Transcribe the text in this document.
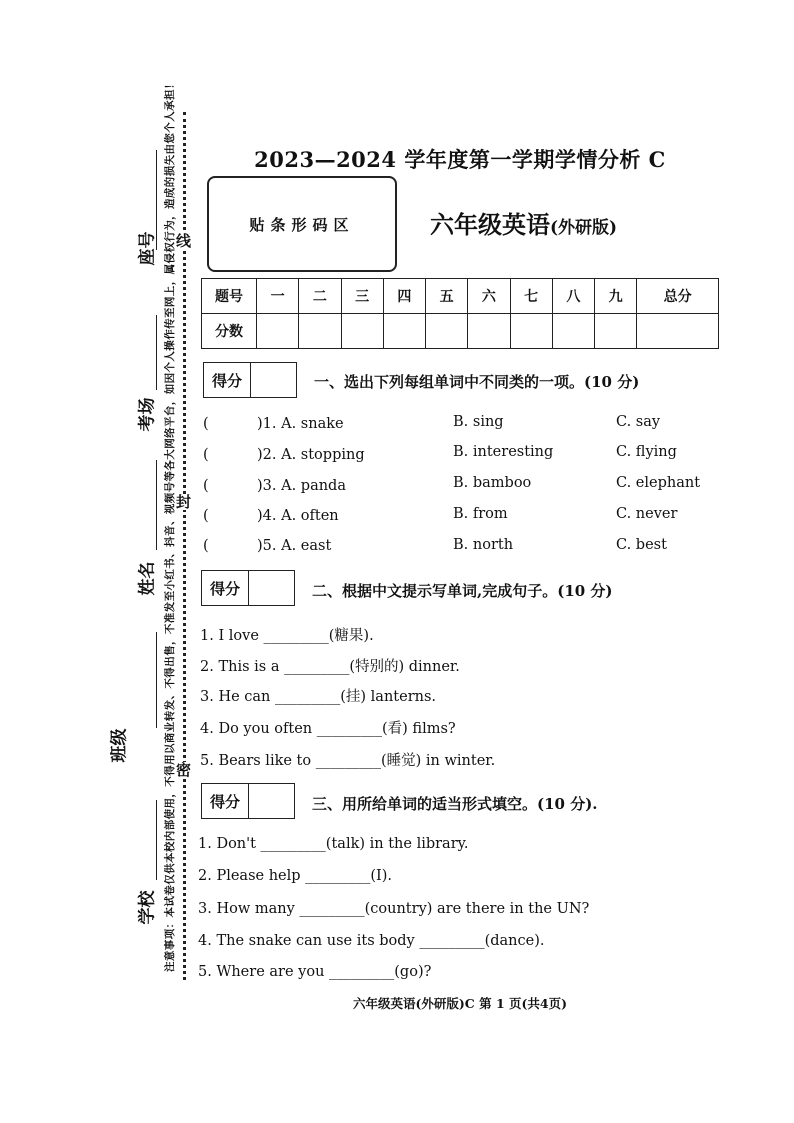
座号
考场
姓名
班级
学校
线
封
密
注意事项：本试卷仅供本校内部使用，不得用以商业转发、不得出售，不准发至小红书、抖音、视频号等各大网络平台，如因个人操作传至网上，属侵权行为，造成的损失由您个人承担！	2023—2024 学年度第一学期学情分析 C
贴条形码区	六年级英语(外研版)
题号	一	二	三	四	五	六	七	八	九	总分
分数										
得分	一、选出下列每组单词中不同类的一项。(10 分)
(	)1. A. snake	B. sing	C. say
(	)2. A. stopping	B. interesting	C. flying
(	)3. A. panda	B. bamboo	C. elephant
(	)4. A. often	B. from	C. never
(	)5. A. east	B. north	C. best
得分	二、根据中文提示写单词,完成句子。(10 分)
1. I love _________(糖果).
2. This is a _________(特别的) dinner.
3. He can _________(挂) lanterns.
4. Do you often _________(看) films?
5. Bears like to _________(睡觉) in winter.
得分	三、用所给单词的适当形式填空。(10 分).
1. Don't _________(talk) in the library.
2. Please help _________(I).
3. How many _________(country) are there in the UN?
4. The snake can use its body _________(dance).
5. Where are you _________(go)?
六年级英语(外研版)C 第 1 页(共4页)
